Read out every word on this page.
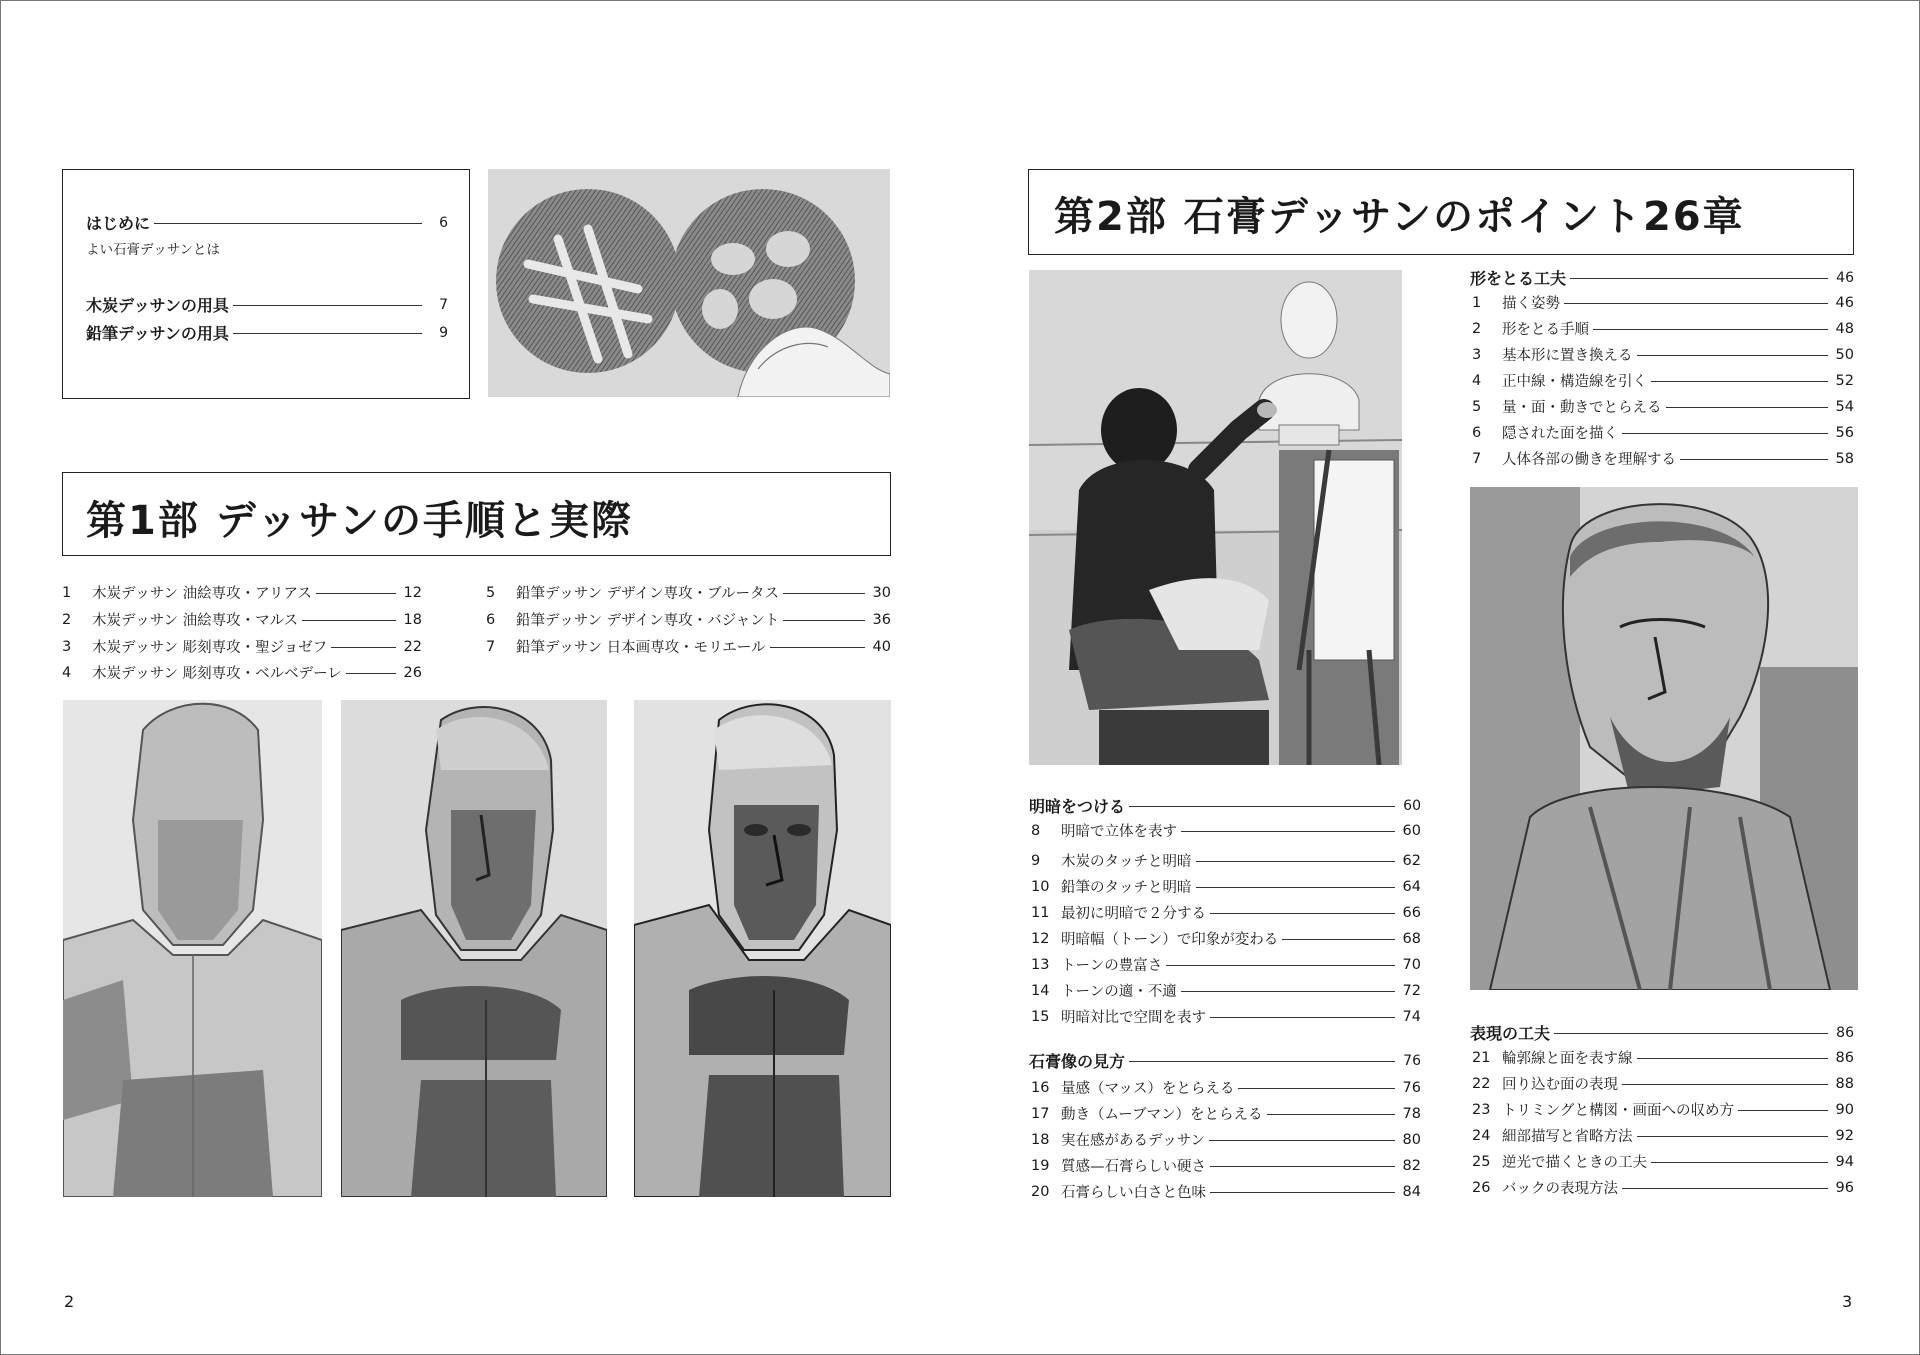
はじめに	6
よい石膏デッサンとは
木炭デッサンの用具	7
鉛筆デッサンの用具	9
第1部 デッサンの手順と実際
1	木炭デッサン 油絵専攻・アリアス	12
2	木炭デッサン 油絵専攻・マルス	18
3	木炭デッサン 彫刻専攻・聖ジョゼフ	22
4	木炭デッサン 彫刻専攻・ベルベデーレ	26
5	鉛筆デッサン デザイン専攻・ブルータス	30
6	鉛筆デッサン デザイン専攻・バジャント	36
7	鉛筆デッサン 日本画専攻・モリエール	40
第2部 石膏デッサンのポイント26章
形をとる工夫	46
1	描く姿勢	46
2	形をとる手順	48
3	基本形に置き換える	50
4	正中線・構造線を引く	52
5	量・面・動きでとらえる	54
6	隠された面を描く	56
7	人体各部の働きを理解する	58
明暗をつける	60
8	明暗で立体を表す	60
9	木炭のタッチと明暗	62
10 鉛筆のタッチと明暗	64
11 最初に明暗で２分する	66
12 明暗幅（トーン）で印象が変わる	68
13 トーンの豊富さ	70
14 トーンの適・不適	72
15 明暗対比で空間を表す	74
石膏像の見方	76
16 量感（マッス）をとらえる	76
17 動き（ムーブマン）をとらえる	78
18 実在感があるデッサン	80
19 質感—石膏らしい硬さ	82
20 石膏らしい白さと色味	84
表現の工夫	86
21 輪郭線と面を表す線	86
22 回り込む面の表現	88
23 トリミングと構図・画面への収め方	90
24 細部描写と省略方法	92
25 逆光で描くときの工夫	94
26 バックの表現方法	96
2	3
